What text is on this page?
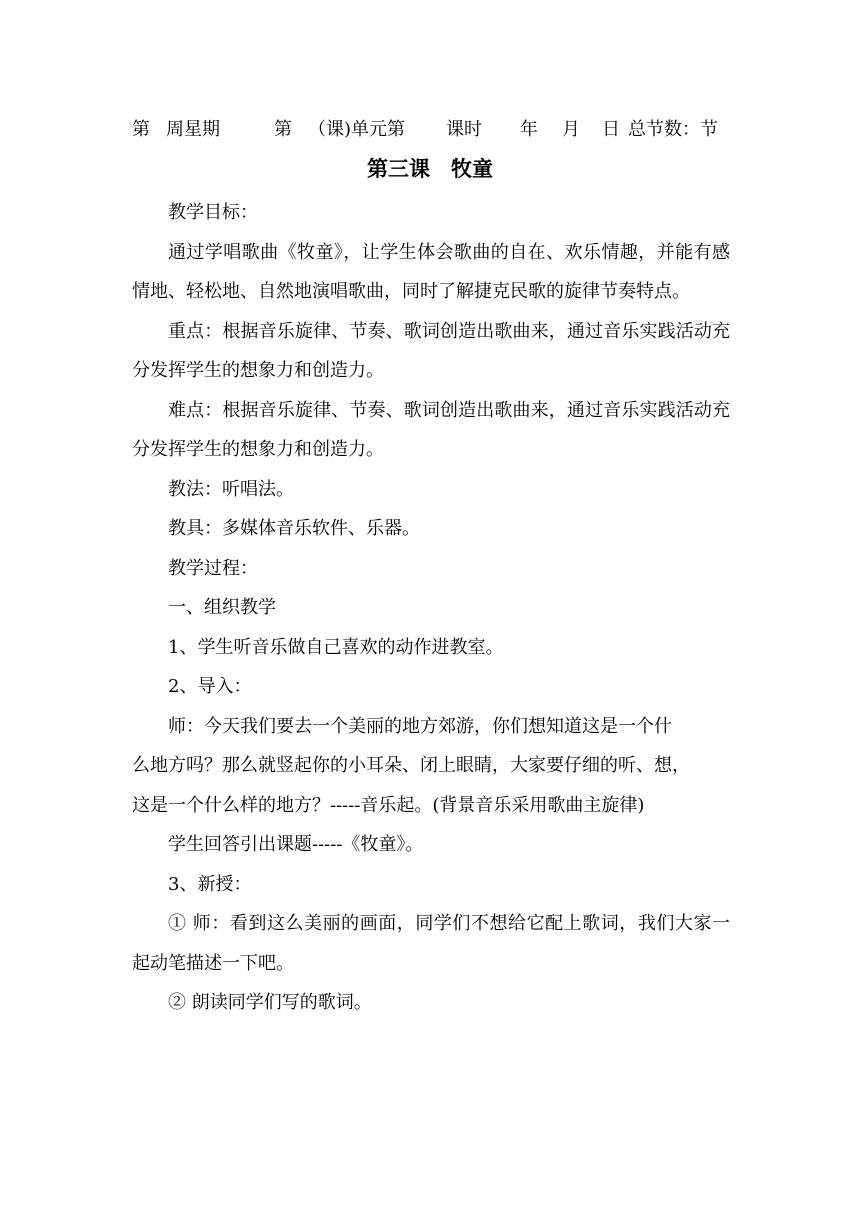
第 周星期	第 （课)单元第 课时 年 月 日 总节数：节
第三课　牧童

教学目标：

通过学唱歌曲《牧童》，让学生体会歌曲的自在、欢乐情趣，并能有感情地、轻松地、自然地演唱歌曲，同时了解捷克民歌的旋律节奏特点。

重点：根据音乐旋律、节奏、歌词创造出歌曲来，通过音乐实践活动充分发挥学生的想象力和创造力。

难点：根据音乐旋律、节奏、歌词创造出歌曲来，通过音乐实践活动充分发挥学生的想象力和创造力。

教法：听唱法。

教具：多媒体音乐软件、乐器。

教学过程：

一、组织教学

1、学生听音乐做自己喜欢的动作进教室。

2、导入：

师：今天我们要去一个美丽的地方郊游，你们想知道这是一个什

么地方吗？那么就竖起你的小耳朵、闭上眼睛，大家要仔细的听、想，

这是一个什么样的地方？-----音乐起。(背景音乐采用歌曲主旋律)

学生回答引出课题-----《牧童》。

3、新授：

① 师：看到这么美丽的画面，同学们不想给它配上歌词，我们大家一起动笔描述一下吧。

② 朗读同学们写的歌词。
